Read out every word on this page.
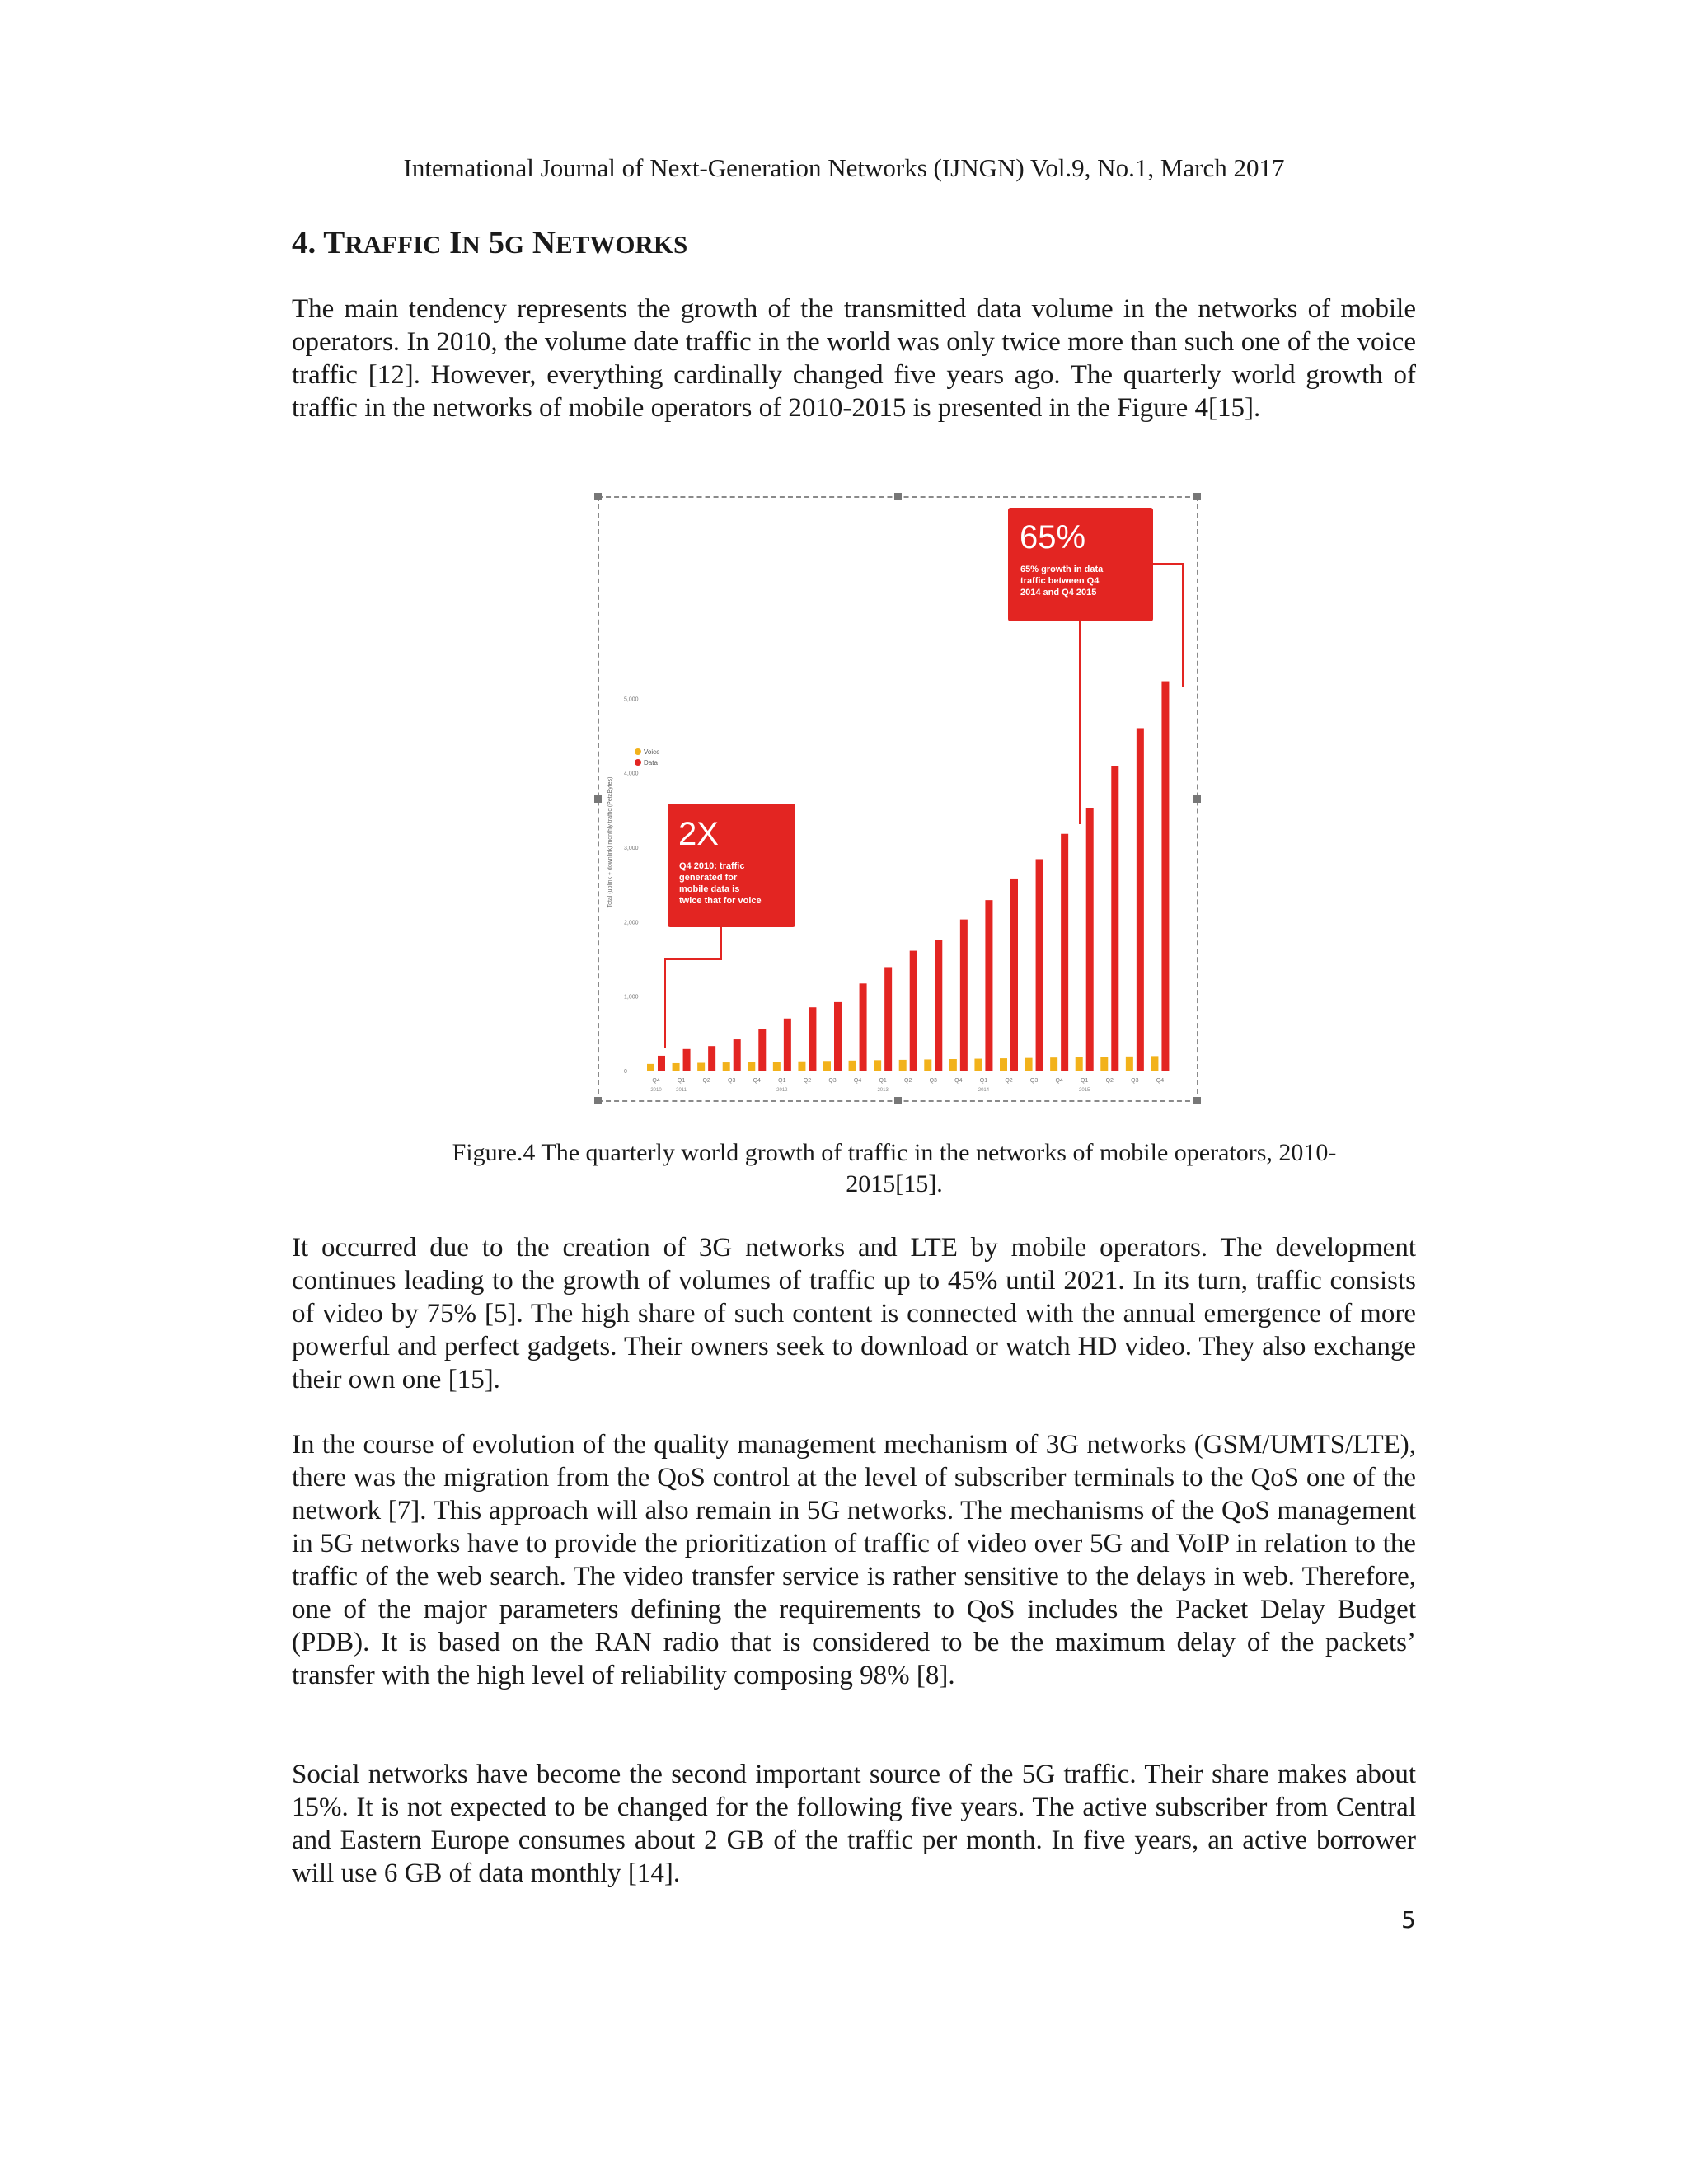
International Journal of Next-Generation Networks (IJNGN) Vol.9, No.1, March 2017
4. TRAFFIC IN 5G NETWORKS

The main tendency represents the growth of the transmitted data volume in the networks of mobile operators. In 2010, the volume date traffic in the world was only twice more than such one of the voice traffic [12]. However, everything cardinally changed five years ago. The quarterly world growth of traffic in the networks of mobile operators of 2010-2015 is presented in the Figure 4[15].

Total (uplink + downlink) monthly traffic (PetaBytes)
0
1,000
2,000
3,000
4,000
5,000
Q4	Q1	Q2	Q3	Q4	Q1	Q2	Q3	Q4	Q1	Q2	Q3	Q4	Q1	Q2	Q3	Q4	Q1	Q2	Q3	Q4
2010	2011	2012	2013	2014	2015
Voice
Data
65%
65% growth in data
traffic between Q4
2014 and Q4 2015
2X
Q4 2010: traffic
generated for
mobile data is
twice that for voice

Figure.4 The quarterly world growth of traffic in the networks of mobile operators, 2010-
2015[15].

It occurred due to the creation of 3G networks and LTE by mobile operators. The development continues leading to the growth of volumes of traffic up to 45% until 2021. In its turn, traffic consists of video by 75% [5]. The high share of such content is connected with the annual emergence of more powerful and perfect gadgets. Their owners seek to download or watch HD video. They also exchange their own one [15].

In the course of evolution of the quality management mechanism of 3G networks (GSM/UMTS/LTE), there was the migration from the QoS control at the level of subscriber terminals to the QoS one of the network [7]. This approach will also remain in 5G networks. The mechanisms of the QoS management in 5G networks have to provide the prioritization of traffic of video over 5G and VoIP in relation to the traffic of the web search. The video transfer service is rather sensitive to the delays in web. Therefore, one of the major parameters defining the requirements to QoS includes the Packet Delay Budget (PDB). It is based on the RAN radio that is considered to be the maximum delay of the packets’ transfer with the high level of reliability composing 98% [8].

Social networks have become the second important source of the 5G traffic. Their share makes about 15%. It is not expected to be changed for the following five years. The active subscriber from Central and Eastern Europe consumes about 2 GB of the traffic per month. In five years, an active borrower will use 6 GB of data monthly [14].

5
